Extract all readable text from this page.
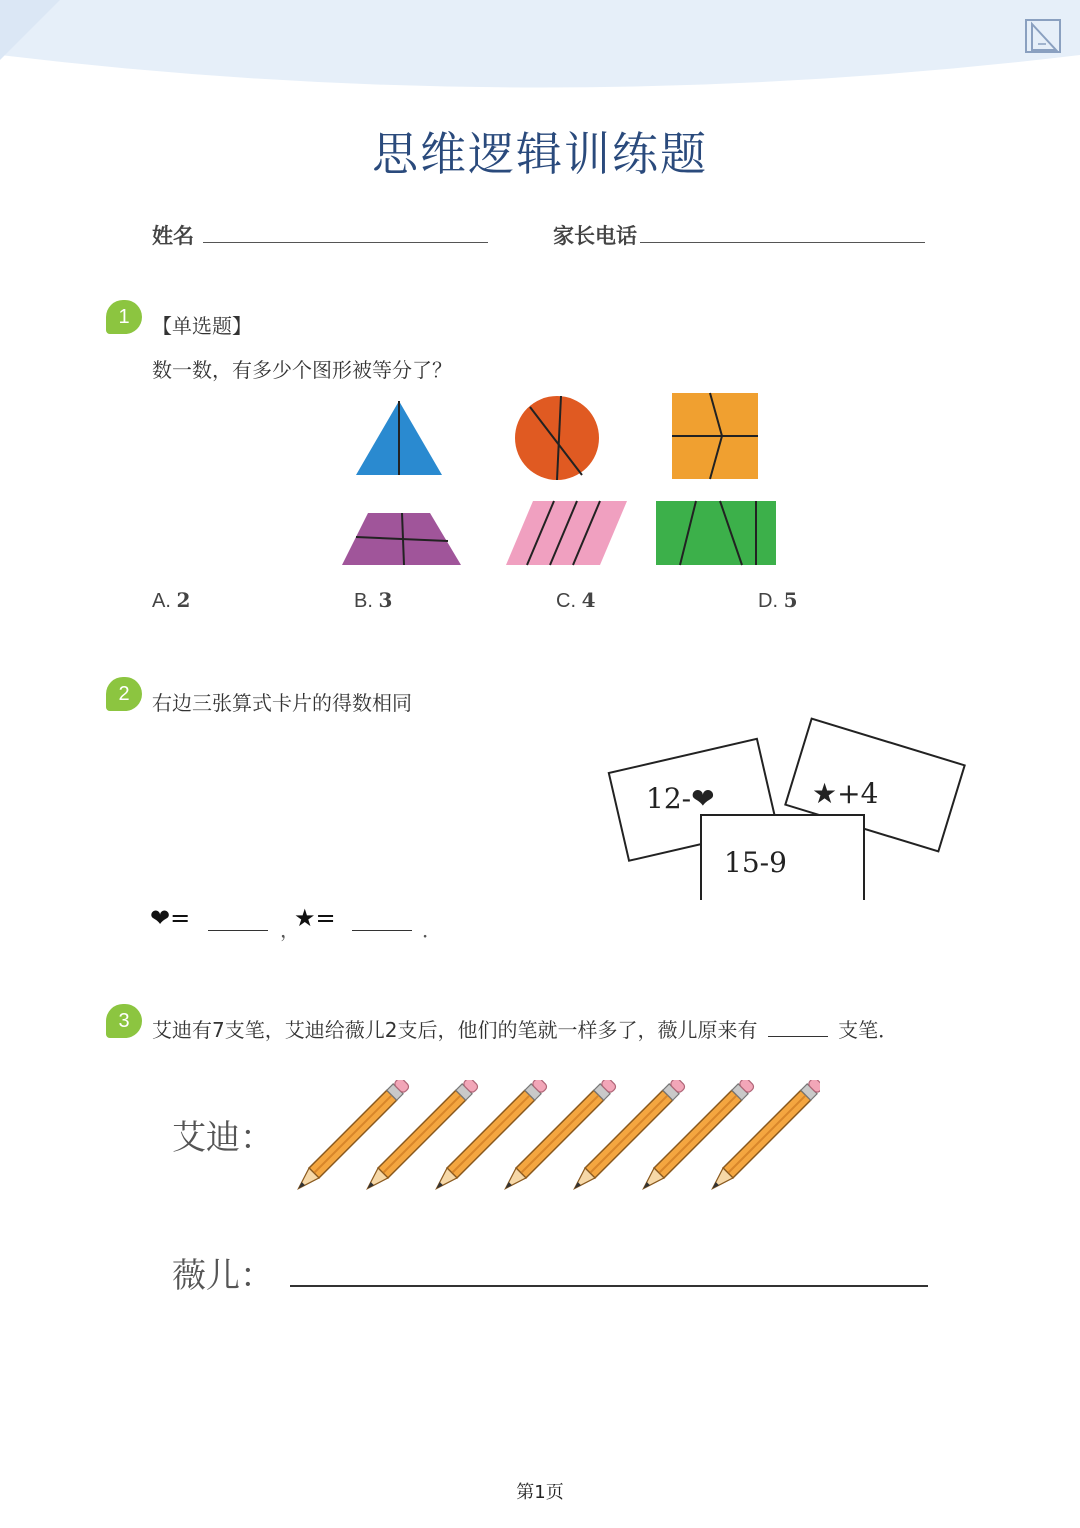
思维逻辑训练题
姓名	家长电话
1	【单选题】
数一数，有多少个图形被等分了？
A. 2	B. 3	C. 4	D. 5
2	右边三张算式卡片的得数相同
12-❤	★+4
15-9
❤=	，
★=	．
3	艾迪有7支笔，艾迪给薇儿2支后，他们的笔就一样多了，薇儿原来有	支笔．
艾迪：
薇儿：
第1页
